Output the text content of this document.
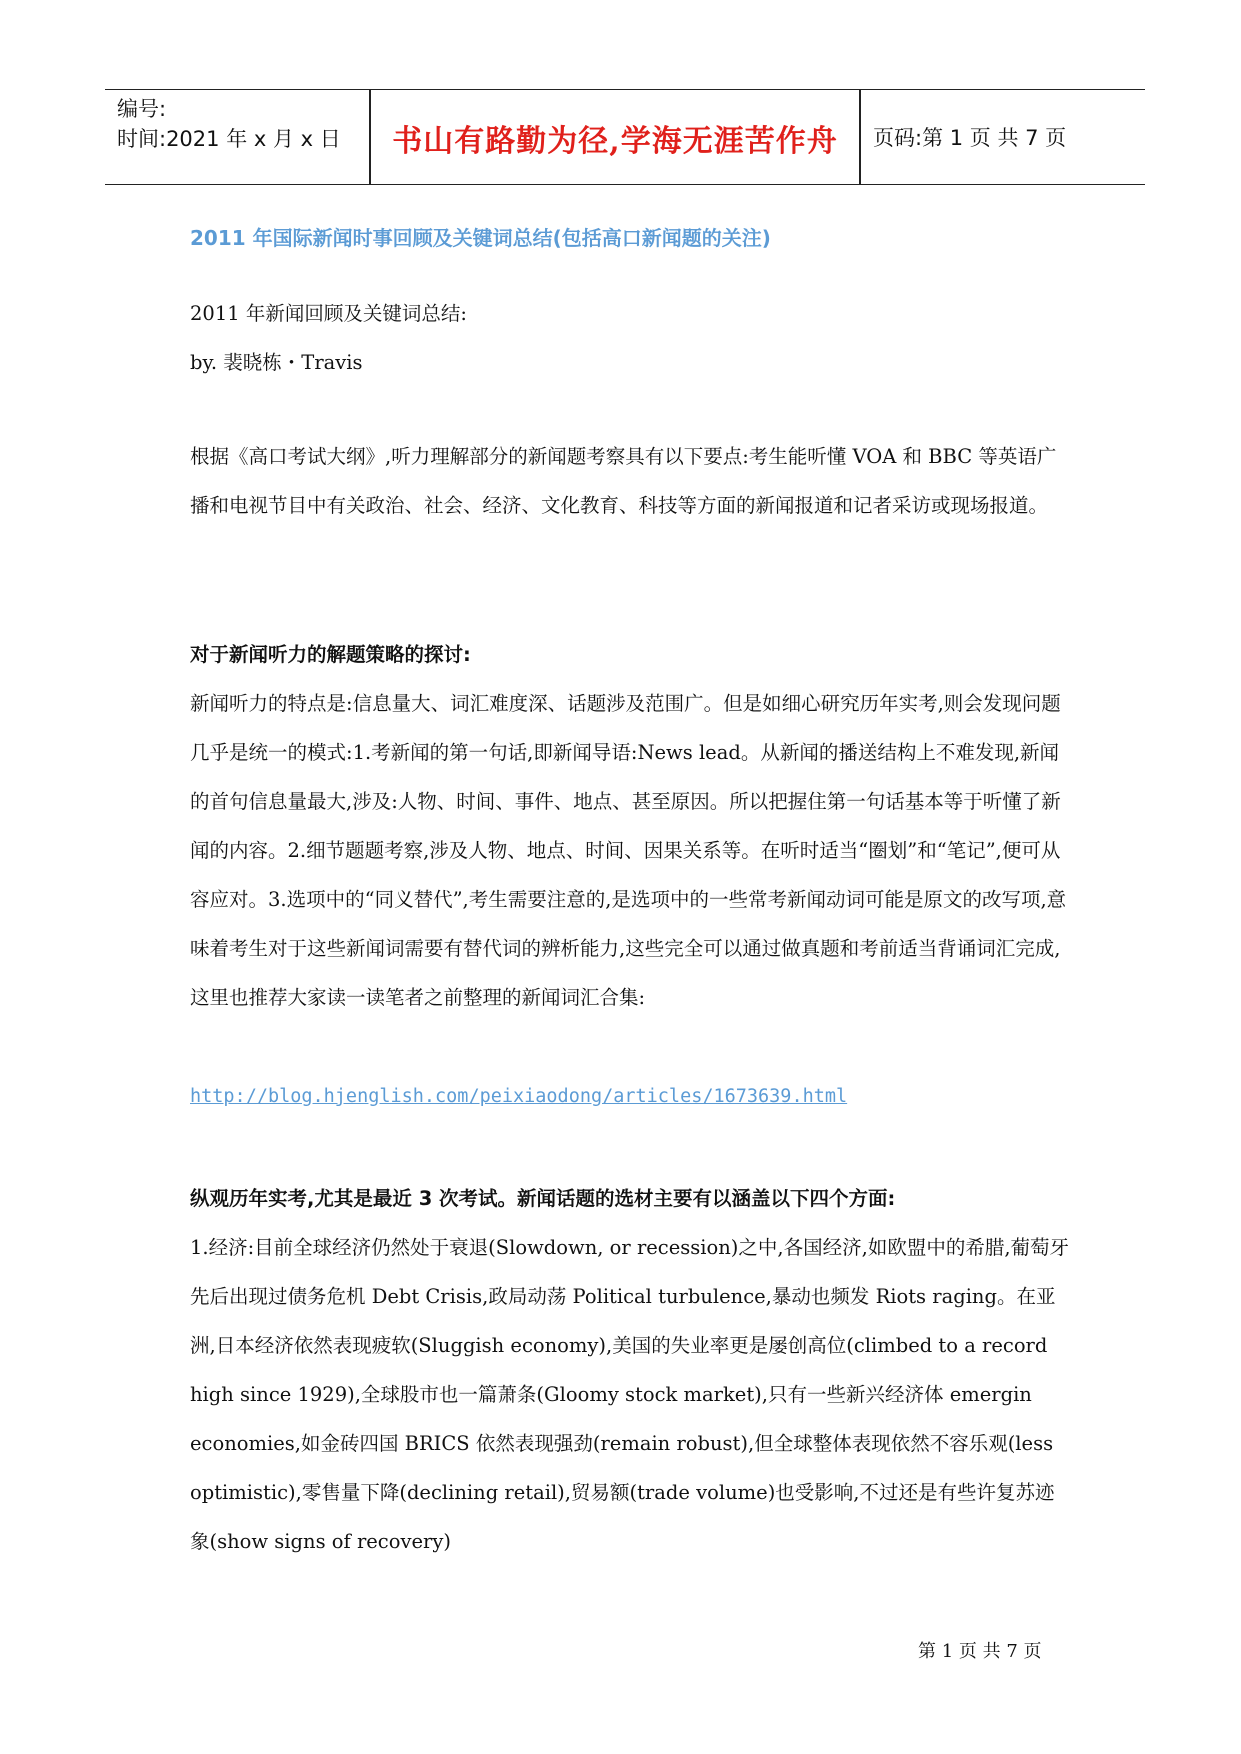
编号:
时间:2021 年 x 月 x 日	书山有路勤为径,学海无涯苦作舟	页码:第 1 页 共 7 页
2011 年国际新闻时事回顾及关键词总结(包括高口新闻题的关注)
2011 年新闻回顾及关键词总结:
by. 裴晓栋・Travis
根据《高口考试大纲》,听力理解部分的新闻题考察具有以下要点:考生能听懂 VOA 和 BBC 等英语广播和电视节目中有关政治、社会、经济、文化教育、科技等方面的新闻报道和记者采访或现场报道。
对于新闻听力的解题策略的探讨:
新闻听力的特点是:信息量大、词汇难度深、话题涉及范围广。但是如细心研究历年实考,则会发现问题几乎是统一的模式:1.考新闻的第一句话,即新闻导语:News lead。从新闻的播送结构上不难发现,新闻的首句信息量最大,涉及:人物、时间、事件、地点、甚至原因。所以把握住第一句话基本等于听懂了新闻的内容。2.细节题题考察,涉及人物、地点、时间、因果关系等。在听时适当“圈划”和“笔记”,便可从容应对。3.选项中的“同义替代”,考生需要注意的,是选项中的一些常考新闻动词可能是原文的改写项,意味着考生对于这些新闻词需要有替代词的辨析能力,这些完全可以通过做真题和考前适当背诵词汇完成,这里也推荐大家读一读笔者之前整理的新闻词汇合集:
http://blog.hjenglish.com/peixiaodong/articles/1673639.html
纵观历年实考,尤其是最近 3 次考试。新闻话题的选材主要有以涵盖以下四个方面:
1.经济:目前全球经济仍然处于衰退(Slowdown, or recession)之中,各国经济,如欧盟中的希腊,葡萄牙先后出现过债务危机 Debt Crisis,政局动荡 Political turbulence,暴动也频发 Riots raging。在亚洲,日本经济依然表现疲软(Sluggish economy),美国的失业率更是屡创高位(climbed to a record high since 1929),全球股市也一篇萧条(Gloomy stock market),只有一些新兴经济体 emergin economies,如金砖四国 BRICS 依然表现强劲(remain robust),但全球整体表现依然不容乐观(less optimistic),零售量下降(declining retail),贸易额(trade volume)也受影响,不过还是有些许复苏迹象(show signs of recovery)
第 1 页 共 7 页
